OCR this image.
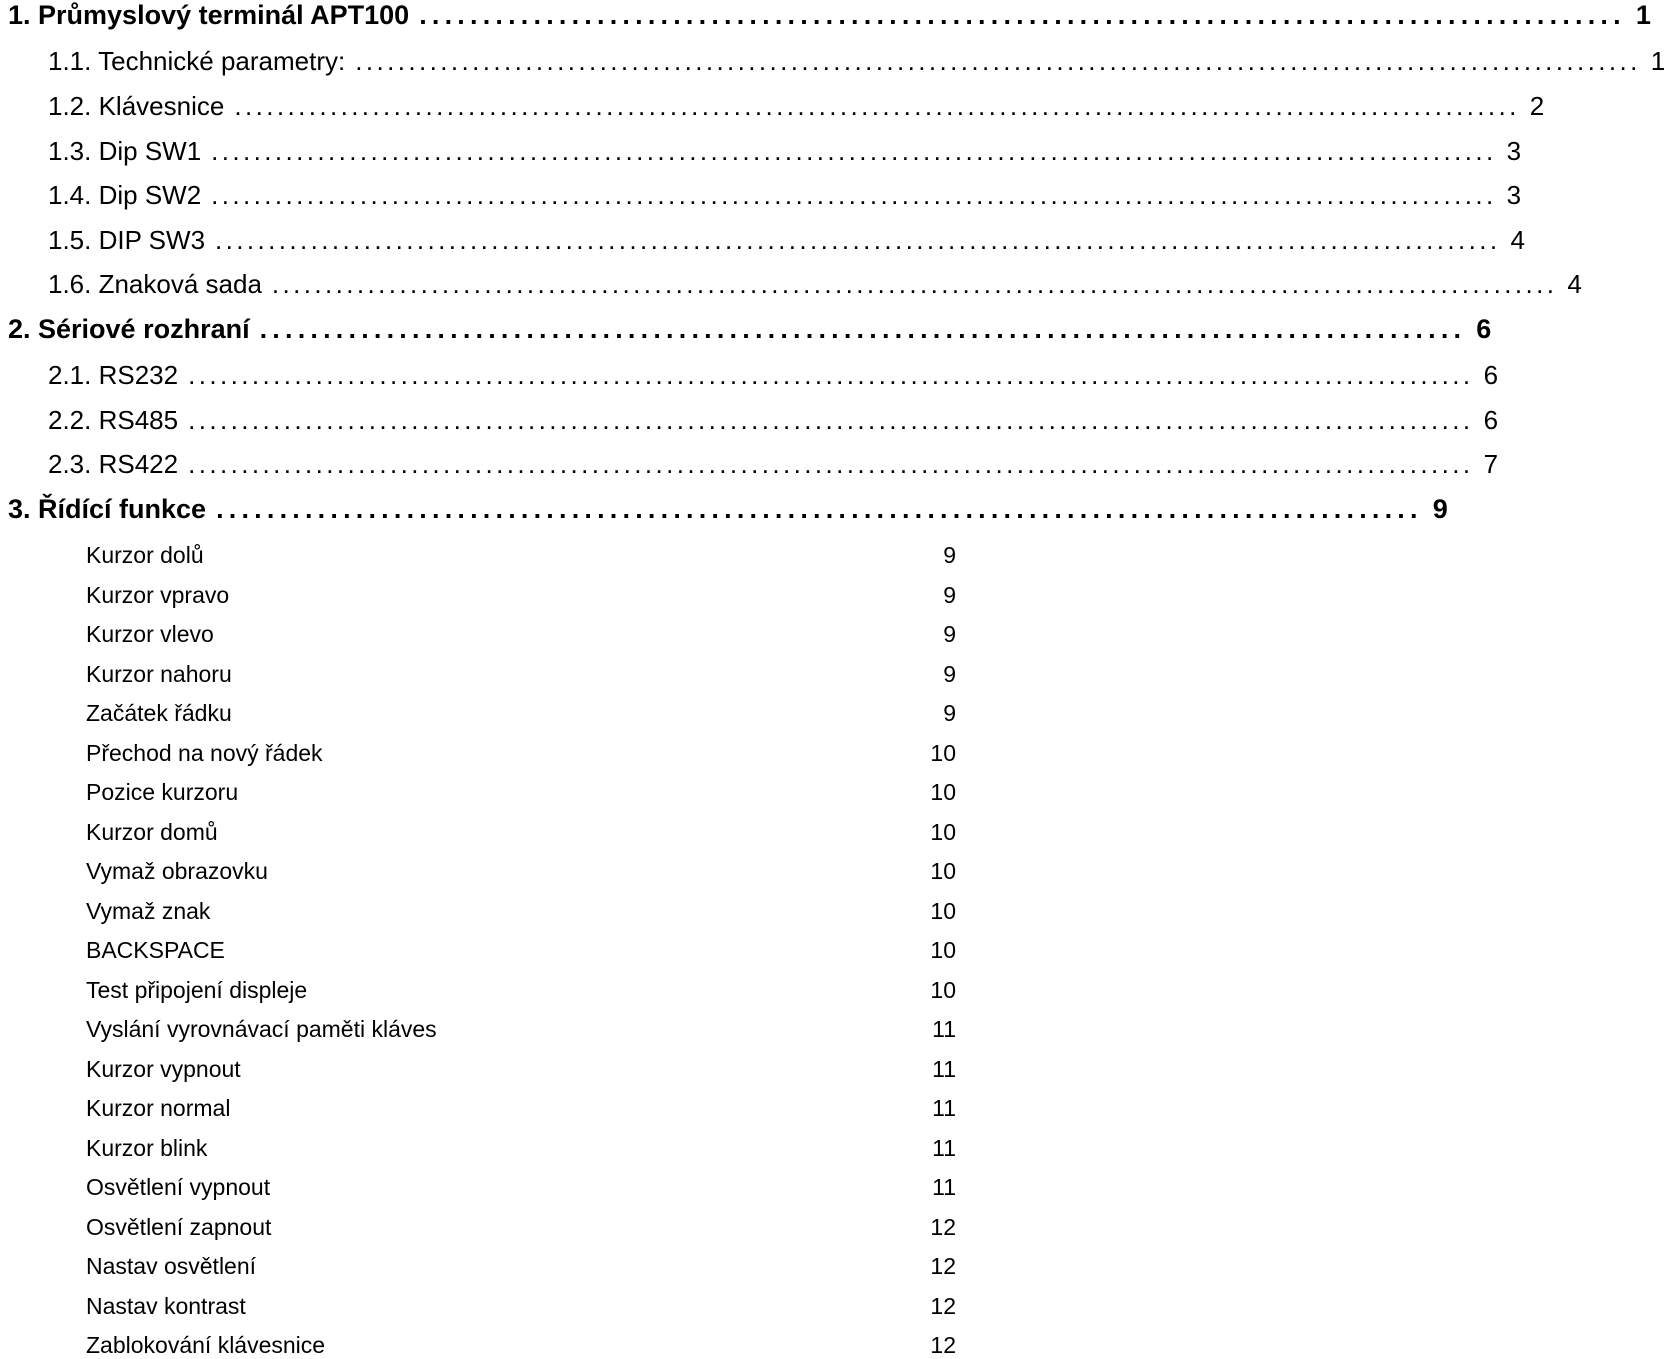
1. Průmyslový terminál APT100 ............................................................................................... 1
1.1. Technické parametry: ......................................................................................................................... 1
1.2. Klávesnice ......................................................................................................................... 2
1.3. Dip SW1 ......................................................................................................................... 3
1.4. Dip SW2 ......................................................................................................................... 3
1.5. DIP SW3 ......................................................................................................................... 4
1.6. Znaková sada ......................................................................................................................... 4
2. Sériové rozhraní ............................................................................................... 6
2.1. RS232 ......................................................................................................................... 6
2.2. RS485 ......................................................................................................................... 6
2.3. RS422 ......................................................................................................................... 7
3. Řídící funkce ............................................................................................... 9
Kurzor dolů	9
Kurzor vpravo	9
Kurzor vlevo	9
Kurzor nahoru	9
Začátek řádku	9
Přechod na nový řádek	10
Pozice kurzoru	10
Kurzor domů	10
Vymaž obrazovku	10
Vymaž znak	10
BACKSPACE	10
Test připojení displeje	10
Vyslání vyrovnávací paměti kláves	11
Kurzor vypnout	11
Kurzor normal	11
Kurzor blink	11
Osvětlení vypnout	11
Osvětlení zapnout	12
Nastav osvětlení	12
Nastav kontrast	12
Zablokování klávesnice	12
